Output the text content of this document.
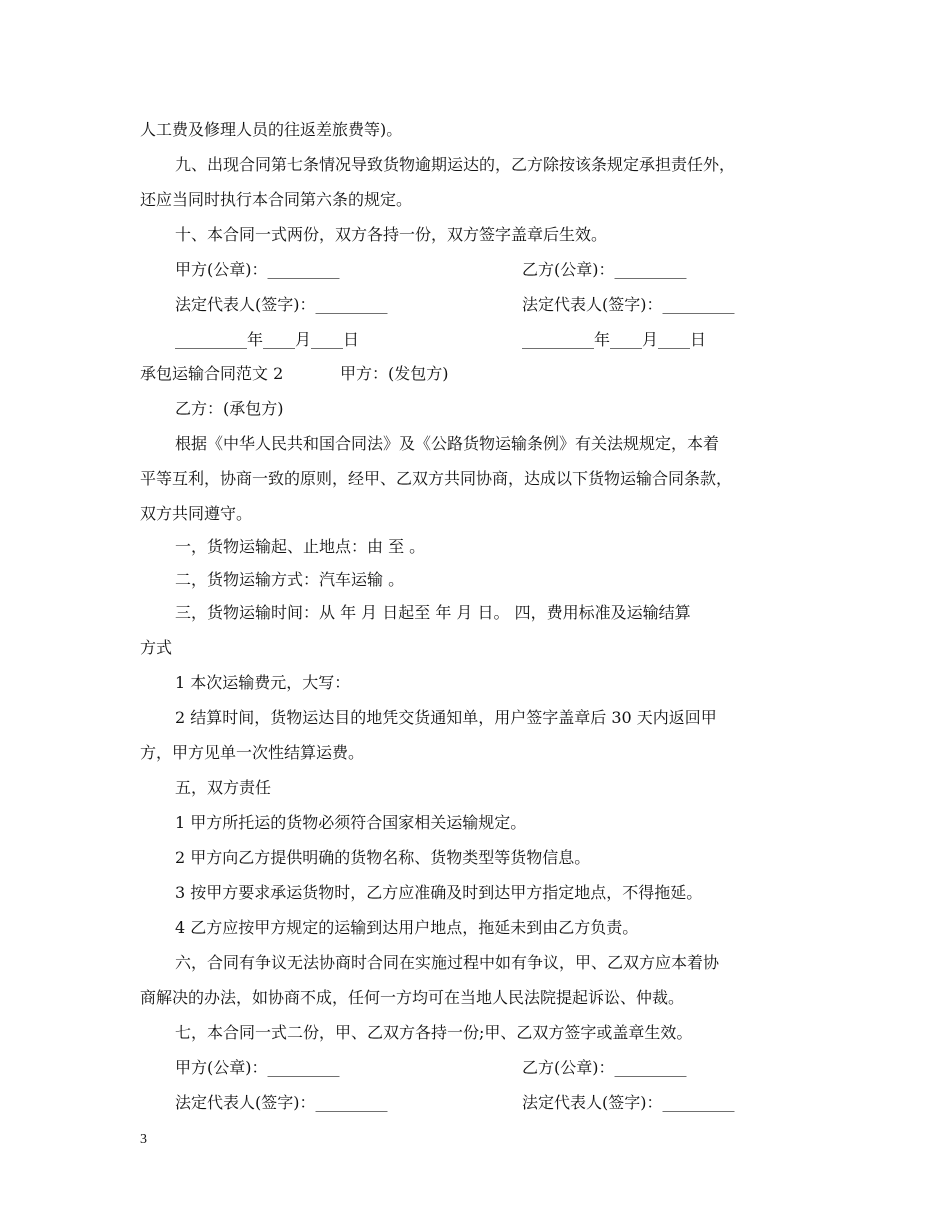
人工费及修理人员的往返差旅费等)。
九、出现合同第七条情况导致货物逾期运达的，乙方除按该条规定承担责任外，
还应当同时执行本合同第六条的规定。
十、本合同一式两份，双方各持一份，双方签字盖章后生效。
甲方(公章)：_________	乙方(公章)：_________
法定代表人(签字)：_________	法定代表人(签字)：_________
_________年____月____日	_________年____月____日
承包运输合同范文 2	甲方：(发包方)
乙方：(承包方)
根据《中华人民共和国合同法》及《公路货物运输条例》有关法规规定，本着
平等互利，协商一致的原则，经甲、乙双方共同协商，达成以下货物运输合同条款，
双方共同遵守。
一，货物运输起、止地点：由 至 。
二，货物运输方式：汽车运输 。
三，货物运输时间：从 年 月 日起至 年 月 日。 四，费用标准及运输结算
方式
1 本次运输费元，大写：
2 结算时间，货物运达目的地凭交货通知单，用户签字盖章后 30 天内返回甲
方，甲方见单一次性结算运费。
五，双方责任
1 甲方所托运的货物必须符合国家相关运输规定。
2 甲方向乙方提供明确的货物名称、货物类型等货物信息。
3 按甲方要求承运货物时，乙方应准确及时到达甲方指定地点，不得拖延。
4 乙方应按甲方规定的运输到达用户地点，拖延未到由乙方负责。
六，合同有争议无法协商时合同在实施过程中如有争议，甲、乙双方应本着协
商解决的办法，如协商不成，任何一方均可在当地人民法院提起诉讼、仲裁。
七，本合同一式二份，甲、乙双方各持一份;甲、乙双方签字或盖章生效。
甲方(公章)：_________	乙方(公章)：_________
法定代表人(签字)：_________	法定代表人(签字)：_________
3
